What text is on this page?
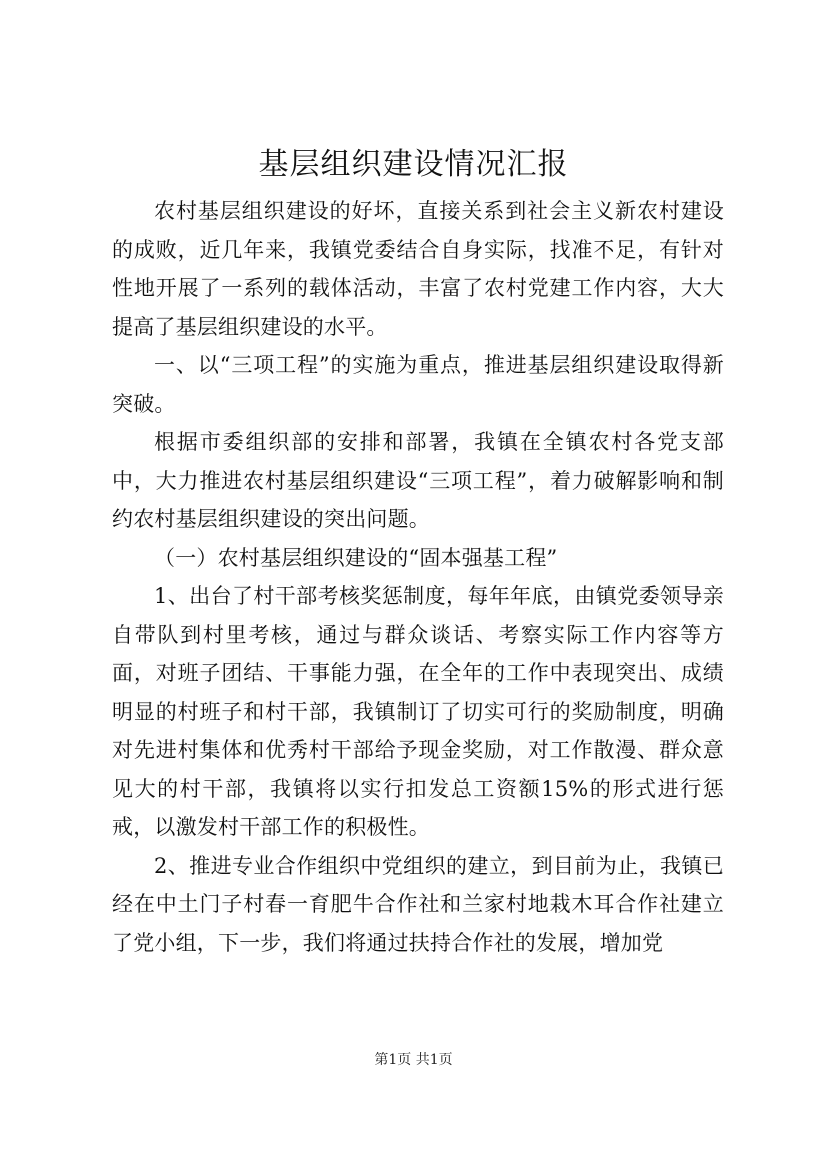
基层组织建设情况汇报

农村基层组织建设的好坏，直接关系到社会主义新农村建设的成败，近几年来，我镇党委结合自身实际，找准不足，有针对性地开展了一系列的载体活动，丰富了农村党建工作内容，大大提高了基层组织建设的水平。

一、以“三项工程”的实施为重点，推进基层组织建设取得新突破。

根据市委组织部的安排和部署，我镇在全镇农村各党支部中，大力推进农村基层组织建设“三项工程”，着力破解影响和制约农村基层组织建设的突出问题。

（一）农村基层组织建设的“固本强基工程”

1、出台了村干部考核奖惩制度，每年年底，由镇党委领导亲自带队到村里考核，通过与群众谈话、考察实际工作内容等方面，对班子团结、干事能力强，在全年的工作中表现突出、成绩明显的村班子和村干部，我镇制订了切实可行的奖励制度，明确对先进村集体和优秀村干部给予现金奖励，对工作散漫、群众意见大的村干部，我镇将以实行扣发总工资额15%的形式进行惩戒，以激发村干部工作的积极性。

2、推进专业合作组织中党组织的建立，到目前为止，我镇已经在中土门子村春一育肥牛合作社和兰家村地栽木耳合作社建立了党小组，下一步，我们将通过扶持合作社的发展，增加党

第1页 共1页
